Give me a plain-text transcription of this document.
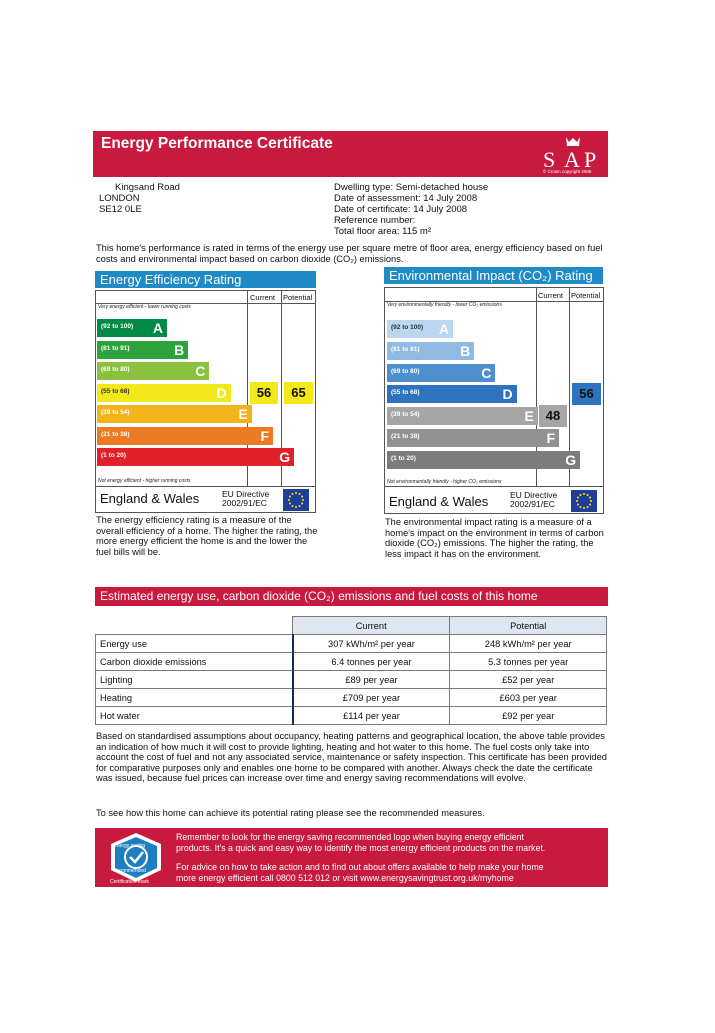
Energy Performance Certificate
S A P
© Crown copyright 2008
Kingsand Road
LONDON
SE12 0LE
Dwelling type: Semi-detached house
Date of assessment: 14 July 2008
Date of certificate: 14 July 2008
Reference number:
Total floor area: 115 m²
This home's performance is rated in terms of the energy use per square metre of floor area, energy efficiency based on fuel costs and environmental impact based on carbon dioxide (CO₂) emissions.
Energy Efficiency Rating
Current Potential
Very energy efficient - lower running costs
(92 to 100) A
(81 to 91)	B
(69 to 80)	C
(55 to 68)	D
(39 to 54)	E
(21 to 38)	F
(1 to 20)	G
Not energy efficient - higher running costs
56	65
England & Wales	EU Directive 2002/91/EC
The energy efficiency rating is a measure of the overall efficiency of a home. The higher the rating, the more energy efficient the home is and the lower the fuel bills will be.
Environmental Impact (CO₂) Rating
Current Potential
Very environmentally friendly - lower CO₂ emissions
(92 to 100) A
(81 to 91)	B
(69 to 80)	C
(55 to 68)	D
(39 to 54)	E
(21 to 38)	F
(1 to 20)	G
Not environmentally friendly - higher CO₂ emissions
48
56
England & Wales	EU Directive 2002/91/EC
The environmental impact rating is a measure of a home's impact on the environment in terms of carbon dioxide (CO₂) emissions. The higher the rating, the less impact it has on the environment.
Estimated energy use, carbon dioxide (CO₂) emissions and fuel costs of this home
	Current	Potential
Energy use	307 kWh/m² per year	248 kWh/m² per year
Carbon dioxide emissions	6.4 tonnes per year	5.3 tonnes per year
Lighting	£89 per year	£52 per year
Heating	£709 per year	£603 per year
Hot water	£114 per year	£92 per year
Based on standardised assumptions about occupancy, heating patterns and geographical location, the above table provides an indication of how much it will cost to provide lighting, heating and hot water to this home. The fuel costs only take into account the cost of fuel and not any associated service, maintenance or safety inspection. This certificate has been provided for comparative purposes only and enables one home to be compared with another. Always check the date the certificate was issued, because fuel prices can increase over time and energy saving recommendations will evolve.
To see how this home can achieve its potential rating please see the recommended measures.
energy saving
recommended
Certification mark
Remember to look for the energy saving recommended logo when buying energy efficient
products. It's a quick and easy way to identify the most energy efficient products on the market.
For advice on how to take action and to find out about offers available to help make your home
more energy efficient call 0800 512 012 or visit www.energysavingtrust.org.uk/myhome
